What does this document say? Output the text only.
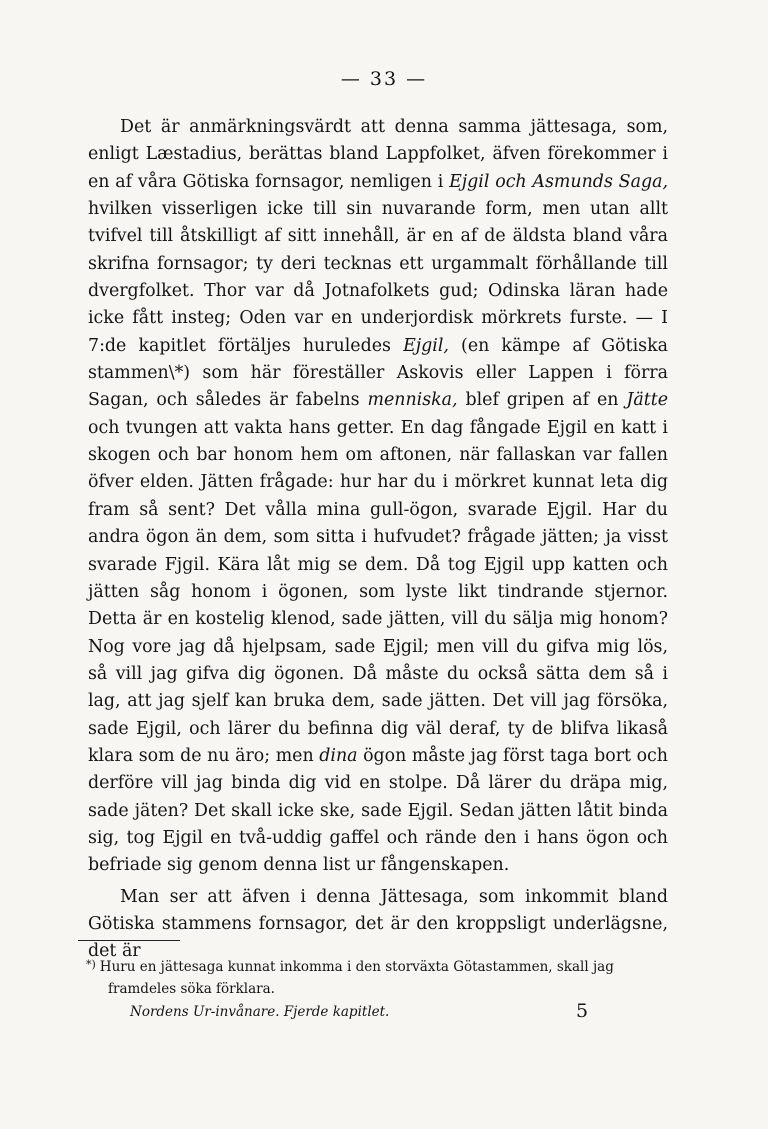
— 33 —

Det är anmärkningsvärdt att denna samma jättesaga, som, enligt Læstadius, berättas bland Lappfolket, äfven förekommer i en af våra Götiska fornsagor, nemligen i Ejgil och Asmunds Saga, hvilken visserligen icke till sin nuvarande form, men utan allt tvifvel till åtskilligt af sitt innehåll, är en af de äldsta bland våra skrifna fornsagor; ty deri tecknas ett urgammalt förhållande till dvergfolket. Thor var då Jotnafolkets gud; Odinska läran hade icke fått insteg; Oden var en underjordisk mörkrets furste. — I 7:de kapitlet förtäljes huruledes Ejgil, (en kämpe af Götiska stammen\*) som här föreställer Askovis eller Lappen i förra Sagan, och således är fabelns menniska, blef gripen af en Jätte och tvungen att vakta hans getter. En dag fångade Ejgil en katt i skogen och bar honom hem om aftonen, när fallaskan var fallen öfver elden. Jätten frågade: hur har du i mörkret kunnat leta dig fram så sent? Det vålla mina gull-ögon, svarade Ejgil. Har du andra ögon än dem, som sitta i hufvudet? frågade jätten; ja visst svarade Fjgil. Kära låt mig se dem. Då tog Ejgil upp katten och jätten såg honom i ögonen, som lyste likt tindrande stjernor. Detta är en kostelig klenod, sade jätten, vill du sälja mig honom? Nog vore jag då hjelpsam, sade Ejgil; men vill du gifva mig lös, så vill jag gifva dig ögonen. Då måste du också sätta dem så i lag, att jag sjelf kan bruka dem, sade jätten. Det vill jag försöka, sade Ejgil, och lärer du befinna dig väl deraf, ty de blifva likaså klara som de nu äro; men dina ögon måste jag först taga bort och derföre vill jag binda dig vid en stolpe. Då lärer du dräpa mig, sade jäten? Det skall icke ske, sade Ejgil. Sedan jätten låtit binda sig, tog Ejgil en två-uddig gaffel och rände den i hans ögon och befriade sig genom denna list ur fångenskapen.

Man ser att äfven i denna Jättesaga, som inkommit bland Götiska stammens fornsagor, det är den kroppsligt underlägsne, det är

*) Huru en jättesaga kunnat inkomma i den storväxta Götastammen, skall jag
framdeles söka förklara.
Nordens Ur-invånare. Fjerde kapitlet.	5
